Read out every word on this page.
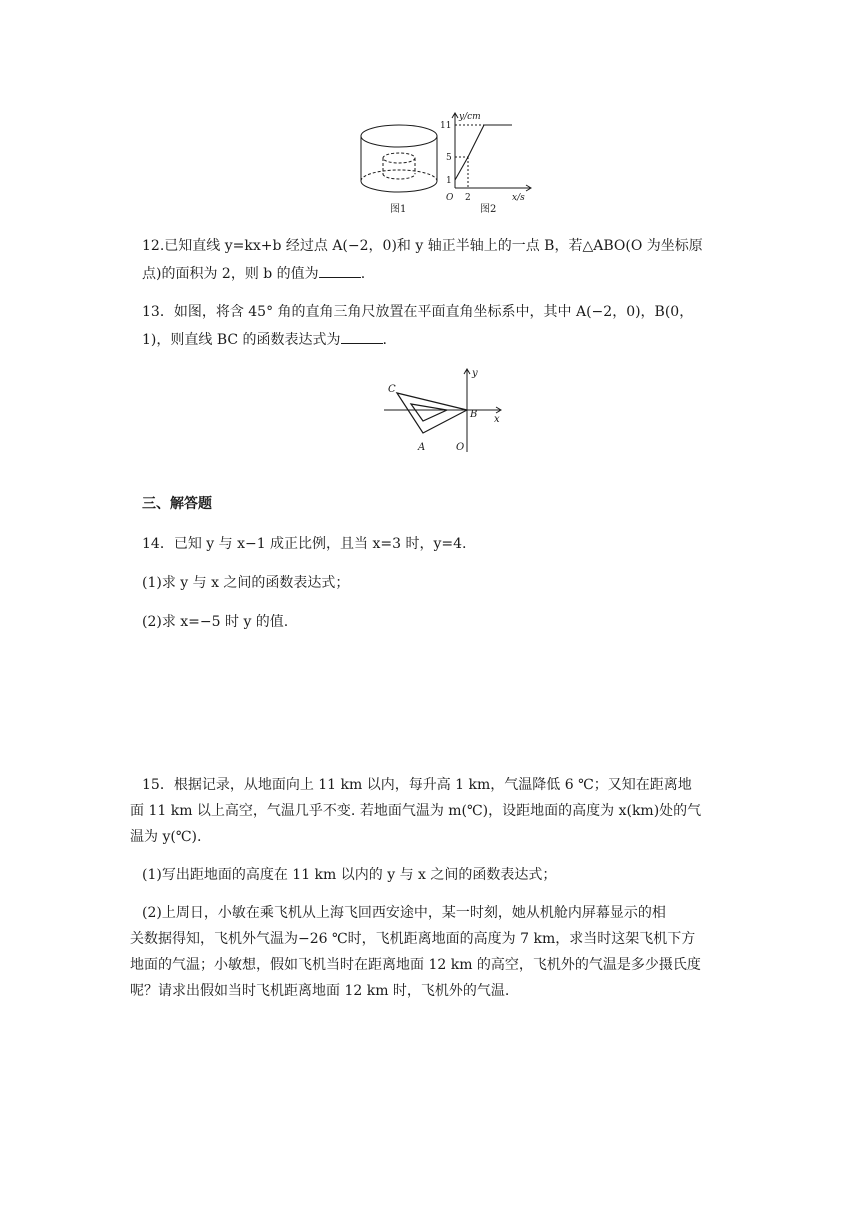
图1
y/cm
x/s
O
11
5
1
2
图2
12.已知直线 y=kx+b 经过点 A(−2，0)和 y 轴正半轴上的一点 B，若△ABO(O 为坐标原
点)的面积为 2，则 b 的值为	.
13．如图，将含 45° 角的直角三角尺放置在平面直角坐标系中，其中 A(−2，0)，B(0，
1)，则直线 BC 的函数表达式为	.
C
B
A	O
x
y
三、解答题
14．已知 y 与 x−1 成正比例，且当 x=3 时，y=4.
(1)求 y 与 x 之间的函数表达式；
(2)求 x=−5 时 y 的值.
15．根据记录，从地面向上 11 km 以内，每升高 1 km，气温降低 6 ℃；又知在距离地
面 11 km 以上高空，气温几乎不变. 若地面气温为 m(℃)，设距地面的高度为 x(km)处的气
温为 y(℃).
(1)写出距地面的高度在 11 km 以内的 y 与 x 之间的函数表达式；
(2)上周日，小敏在乘飞机从上海飞回西安途中，某一时刻，她从机舱内屏幕显示的相
关数据得知，飞机外气温为−26 ℃时，飞机距离地面的高度为 7 km，求当时这架飞机下方
地面的气温；小敏想，假如飞机当时在距离地面 12 km 的高空，飞机外的气温是多少摄氏度
呢？请求出假如当时飞机距离地面 12 km 时，飞机外的气温.
